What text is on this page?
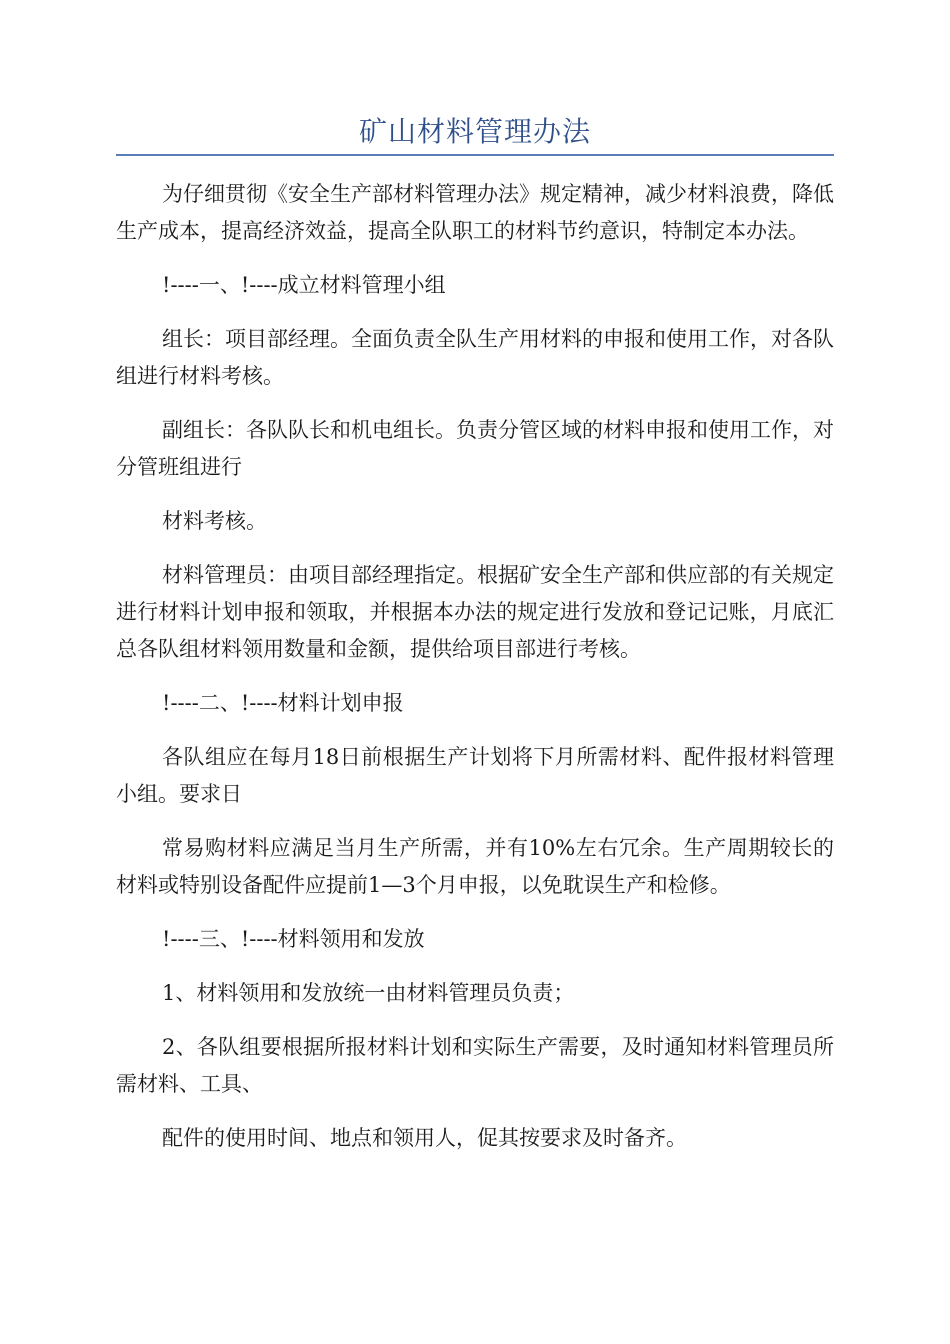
矿山材料管理办法

为仔细贯彻《安全生产部材料管理办法》规定精神，减少材料浪费，降低生产成本，提高经济效益，提高全队职工的材料节约意识，特制定本办法。

!----一、!----成立材料管理小组

组长：项目部经理。全面负责全队生产用材料的申报和使用工作，对各队组进行材料考核。

副组长：各队队长和机电组长。负责分管区域的材料申报和使用工作，对分管班组进行

材料考核。

材料管理员：由项目部经理指定。根据矿安全生产部和供应部的有关规定进行材料计划申报和领取，并根据本办法的规定进行发放和登记记账，月底汇总各队组材料领用数量和金额，提供给项目部进行考核。

!----二、!----材料计划申报

各队组应在每月18日前根据生产计划将下月所需材料、配件报材料管理小组。要求日

常易购材料应满足当月生产所需，并有10%左右冗余。生产周期较长的材料或特别设备配件应提前1—3个月申报，以免耽误生产和检修。

!----三、!----材料领用和发放

1、材料领用和发放统一由材料管理员负责；

2、各队组要根据所报材料计划和实际生产需要，及时通知材料管理员所需材料、工具、

配件的使用时间、地点和领用人，促其按要求及时备齐。
